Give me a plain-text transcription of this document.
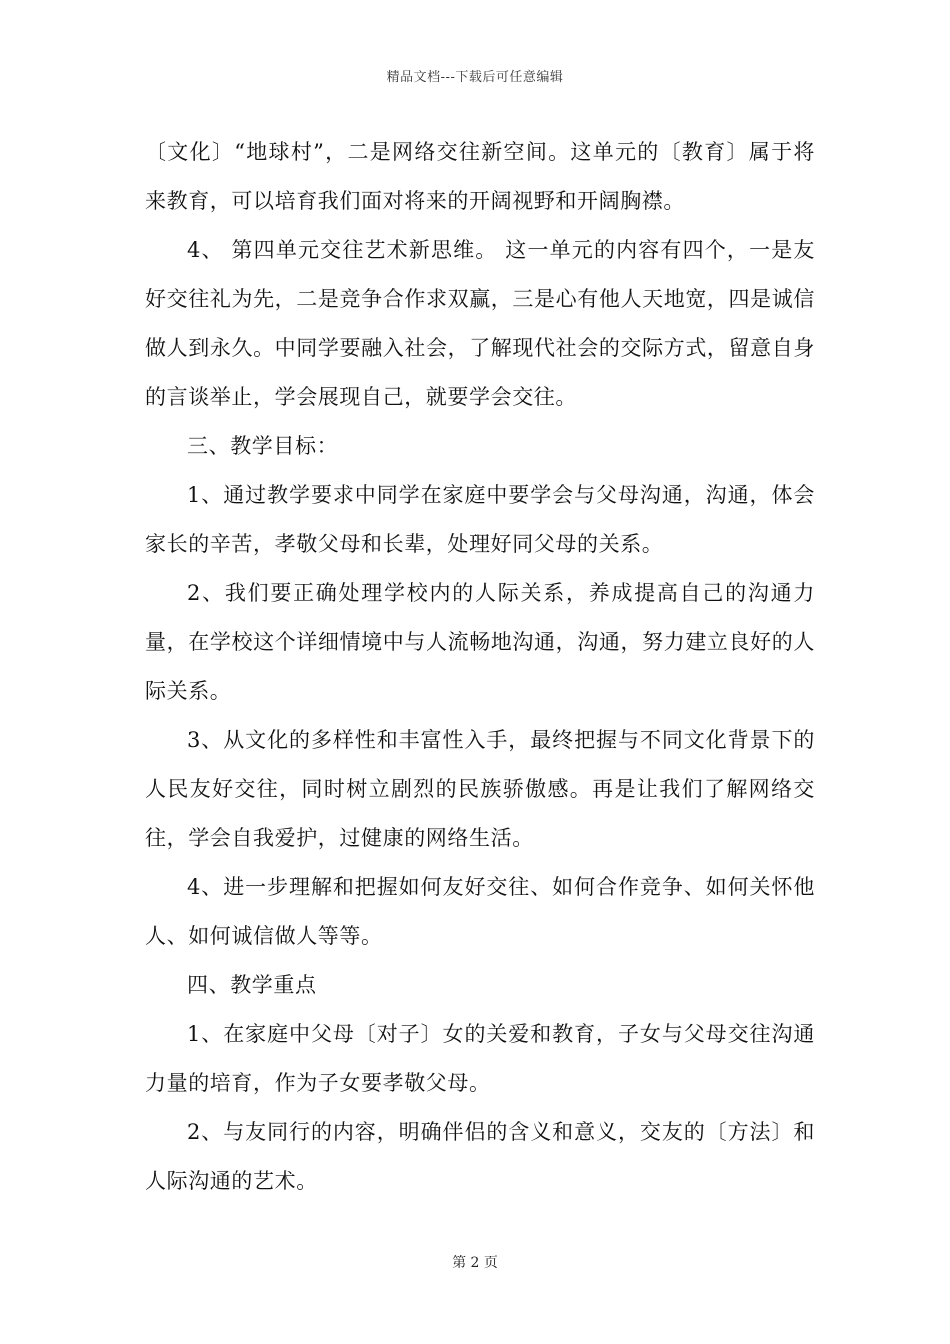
精品文档---下载后可任意编辑

〔文化〕“地球村”，二是网络交往新空间。这单元的〔教育〕属于将来教育，可以培育我们面对将来的开阔视野和开阔胸襟。

4、 第四单元交往艺术新思维。 这一单元的内容有四个，一是友好交往礼为先，二是竞争合作求双赢，三是心有他人天地宽，四是诚信做人到永久。中同学要融入社会，了解现代社会的交际方式，留意自身的言谈举止，学会展现自己，就要学会交往。

三、教学目标：

1、通过教学要求中同学在家庭中要学会与父母沟通，沟通，体会家长的辛苦，孝敬父母和长辈，处理好同父母的关系。

2、我们要正确处理学校内的人际关系，养成提高自己的沟通力量，在学校这个详细情境中与人流畅地沟通，沟通，努力建立良好的人际关系。

3、从文化的多样性和丰富性入手，最终把握与不同文化背景下的人民友好交往，同时树立剧烈的民族骄傲感。再是让我们了解网络交往，学会自我爱护，过健康的网络生活。

4、进一步理解和把握如何友好交往、如何合作竞争、如何关怀他人、如何诚信做人等等。

四、教学重点

1、在家庭中父母〔对子〕女的关爱和教育，子女与父母交往沟通力量的培育，作为子女要孝敬父母。

2、与友同行的内容，明确伴侣的含义和意义，交友的〔方法〕和人际沟通的艺术。

第 2 页
